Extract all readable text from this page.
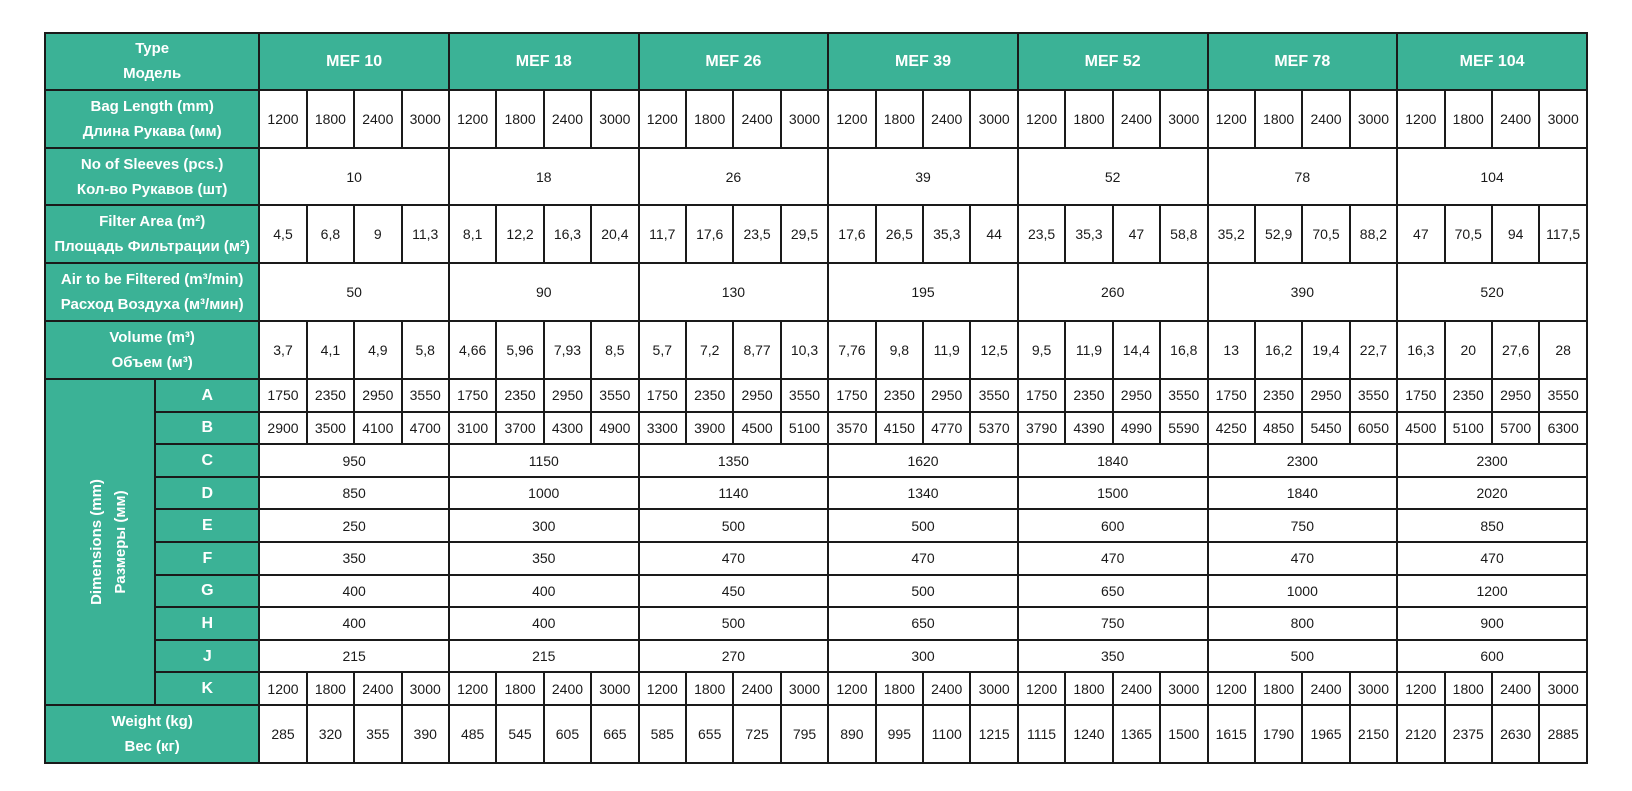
Type
Модель		MEF 10				MEF 18				MEF 26				MEF 39				MEF 52				MEF 78				MEF 104			

Bag Length (mm)
Длина Рукава (мм)		1200	1800	2400	3000	1200	1800	2400	3000	1200	1800	2400	3000	1200	1800	2400	3000	1200	1800	2400	3000	1200	1800	2400	3000	1200	1800	2400	3000

No of Sleeves (pcs.)
Кол-во Рукавов (шт)		10				18				26				39				52				78				104			

Filter Area (m²)
Площадь Фильтрации (м²)		4,5	6,8	9	11,3	8,1	12,2	16,3	20,4	11,7	17,6	23,5	29,5	17,6	26,5	35,3	44	23,5	35,3	47	58,8	35,2	52,9	70,5	88,2	47	70,5	94	117,5

Air to be Filtered (m³/min)
Расход Воздуха (м³/мин)		50				90				130				195				260				390				520			

Volume (m³)
Объем (м³)		3,7	4,1	4,9	5,8	4,66	5,96	7,93	8,5	5,7	7,2	8,77	10,3	7,76	9,8	11,9	12,5	9,5	11,9	14,4	16,8	13	16,2	19,4	22,7	16,3	20	27,6	28

Dimensions (mm) Размеры (мм)	A	1750	2350	2950	3550	1750	2350	2950	3550	1750	2350	2950	3550	1750	2350	2950	3550	1750	2350	2950	3550	1750	2350	2950	3550	1750	2350	2950	3550
	B	2900	3500	4100	4700	3100	3700	4300	4900	3300	3900	4500	5100	3570	4150	4770	5370	3790	4390	4990	5590	4250	4850	5450	6050	4500	5100	5700	6300
	C	950				1150				1350				1620				1840				2300				2300			
	D	850				1000				1140				1340				1500				1840				2020			
	E	250				300				500				500				600				750				850			
	F	350				350				470				470				470				470				470			
	G	400				400				450				500				650				1000				1200			
	H	400				400				500				650				750				800				900			
	J	215				215				270				300				350				500				600			
	K	1200	1800	2400	3000	1200	1800	2400	3000	1200	1800	2400	3000	1200	1800	2400	3000	1200	1800	2400	3000	1200	1800	2400	3000	1200	1800	2400	3000

Weight (kg)
Вес (кг)		285	320	355	390	485	545	605	665	585	655	725	795	890	995	1100	1215	1115	1240	1365	1500	1615	1790	1965	2150	2120	2375	2630	2885
